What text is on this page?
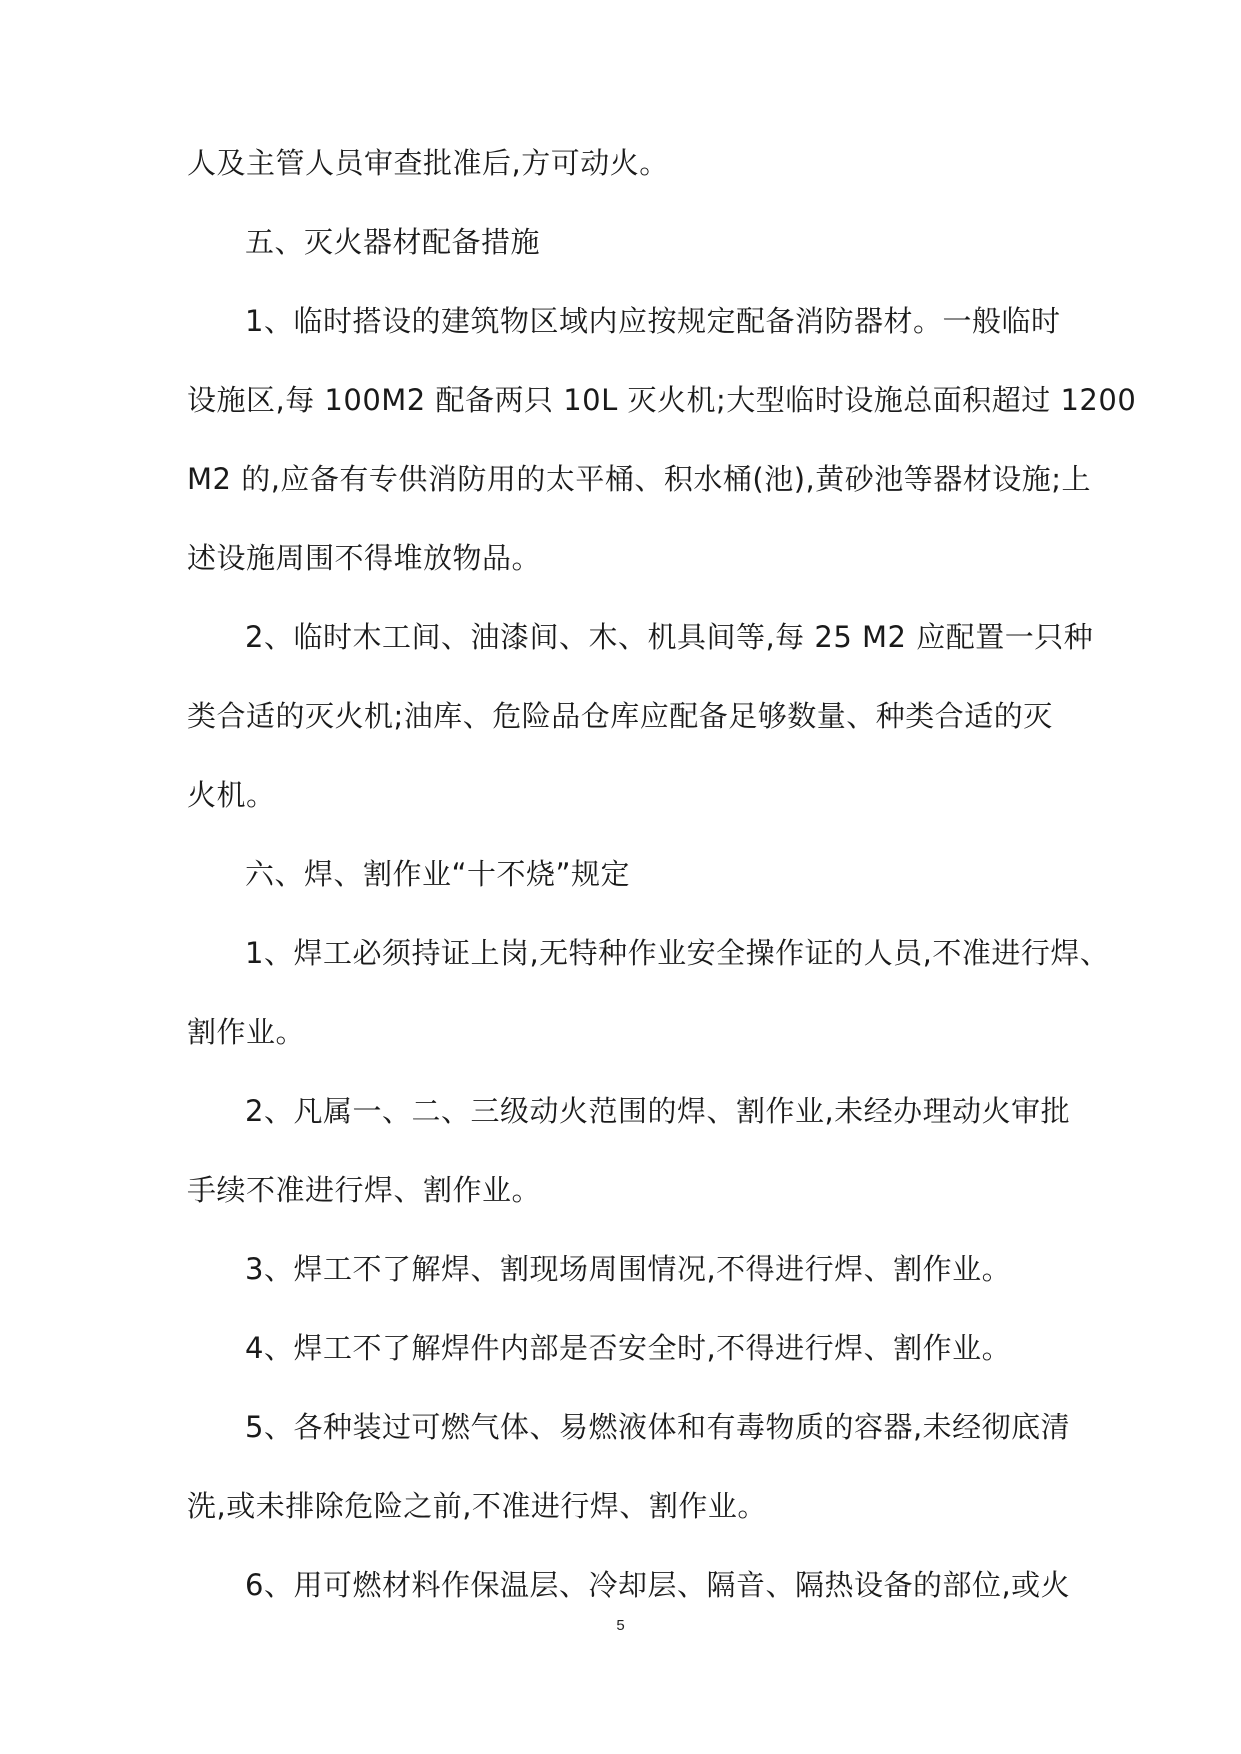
人及主管人员审查批准后,方可动火。
五、灭火器材配备措施
1、临时搭设的建筑物区域内应按规定配备消防器材。一般临时
设施区,每 100M2 配备两只 10L 灭火机;大型临时设施总面积超过 1200
M2 的,应备有专供消防用的太平桶、积水桶(池),黄砂池等器材设施;上
述设施周围不得堆放物品。
2、临时木工间、油漆间、木、机具间等,每 25 M2 应配置一只种
类合适的灭火机;油库、危险品仓库应配备足够数量、种类合适的灭
火机。
六、焊、割作业“十不烧”规定
1、焊工必须持证上岗,无特种作业安全操作证的人员,不准进行焊、
割作业。
2、凡属一、二、三级动火范围的焊、割作业,未经办理动火审批
手续不准进行焊、割作业。
3、焊工不了解焊、割现场周围情况,不得进行焊、割作业。
4、焊工不了解焊件内部是否安全时,不得进行焊、割作业。
5、各种装过可燃气体、易燃液体和有毒物质的容器,未经彻底清
洗,或未排除危险之前,不准进行焊、割作业。
6、用可燃材料作保温层、冷却层、隔音、隔热设备的部位,或火
5
